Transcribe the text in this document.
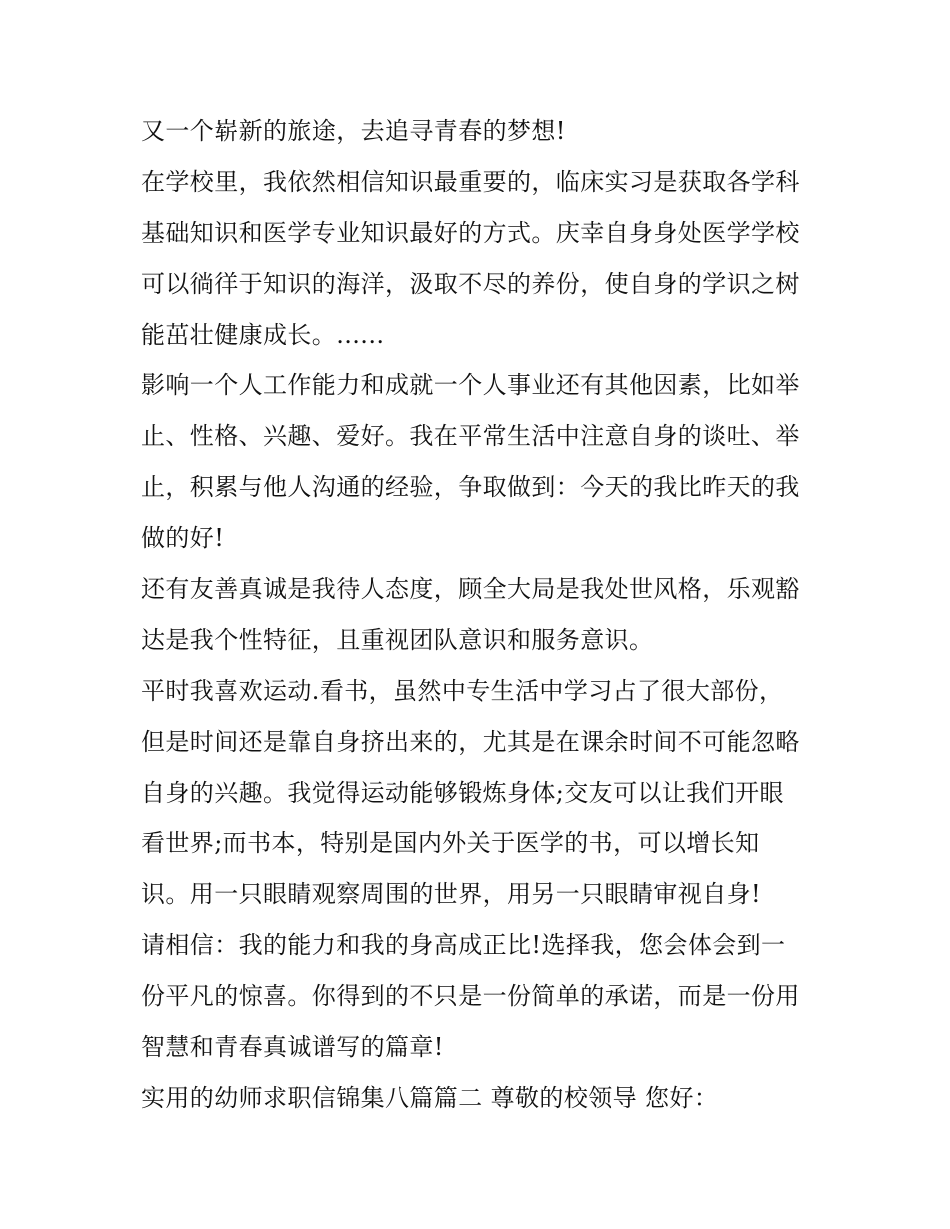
又一个崭新的旅途，去追寻青春的梦想!
在学校里，我依然相信知识最重要的，临床实习是获取各学科
基础知识和医学专业知识最好的方式。庆幸自身身处医学学校
可以徜徉于知识的海洋，汲取不尽的养份，使自身的学识之树
能茁壮健康成长。......
影响一个人工作能力和成就一个人事业还有其他因素，比如举
止、性格、兴趣、爱好。我在平常生活中注意自身的谈吐、举
止，积累与他人沟通的经验，争取做到：今天的我比昨天的我
做的好!
还有友善真诚是我待人态度，顾全大局是我处世风格，乐观豁
达是我个性特征，且重视团队意识和服务意识。
平时我喜欢运动.看书，虽然中专生活中学习占了很大部份，
但是时间还是靠自身挤出来的，尤其是在课余时间不可能忽略
自身的兴趣。我觉得运动能够锻炼身体;交友可以让我们开眼
看世界;而书本，特别是国内外关于医学的书，可以增长知
识。用一只眼睛观察周围的世界，用另一只眼睛审视自身!
请相信：我的能力和我的身高成正比!选择我，您会体会到一
份平凡的惊喜。你得到的不只是一份简单的承诺，而是一份用
智慧和青春真诚谱写的篇章!
实用的幼师求职信锦集八篇篇二 尊敬的校领导 您好：
